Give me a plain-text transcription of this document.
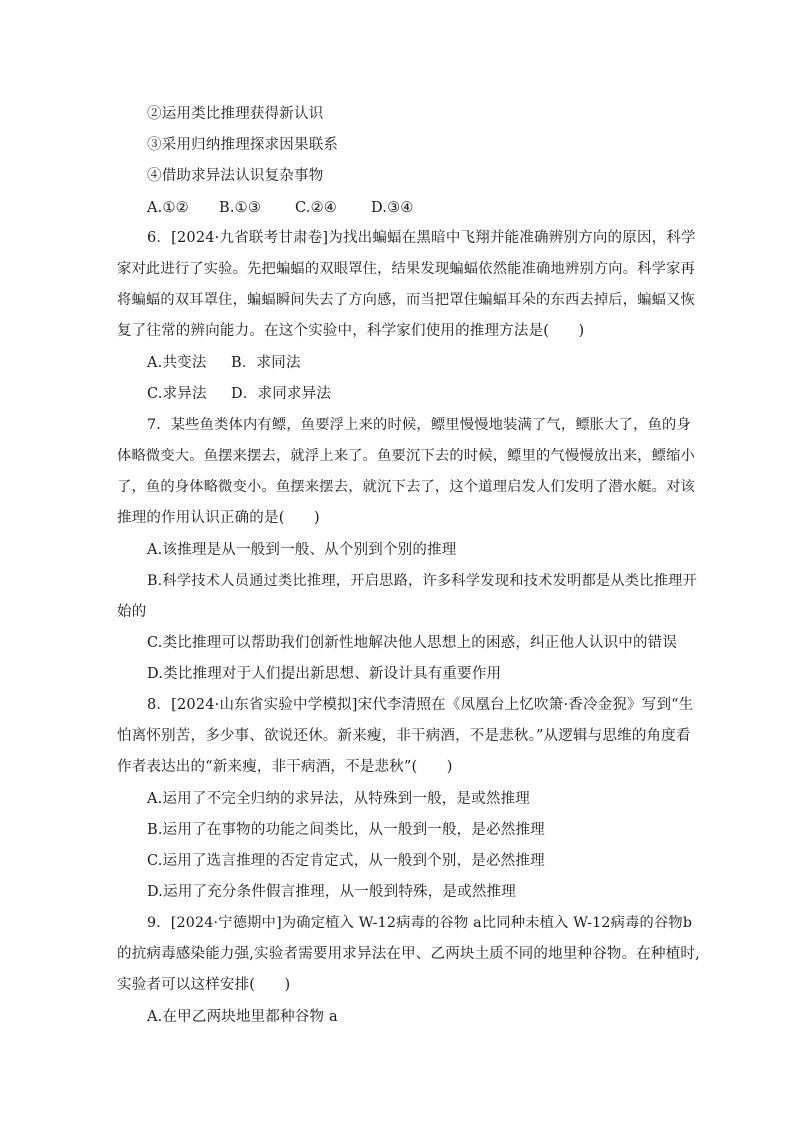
②运用类比推理获得新认识
③采用归纳推理探求因果联系
④借助求异法认识复杂事物
A.①② B.①③ C.②④ D.③④
6．[2024·九省联考甘肃卷]为找出蝙蝠在黑暗中飞翔并能准确辨别方向的原因，科学
家对此进行了实验。先把蝙蝠的双眼罩住，结果发现蝙蝠依然能准确地辨别方向。科学家再
将蝙蝠的双耳罩住，蝙蝠瞬间失去了方向感，而当把罩住蝙蝠耳朵的东西去掉后，蝙蝠又恢
复了往常的辨向能力。在这个实验中，科学家们使用的推理方法是(　　)
A.共变法 B．求同法
C.求异法 D．求同求异法
7．某些鱼类体内有鳔，鱼要浮上来的时候，鳔里慢慢地装满了气，鳔胀大了，鱼的身
体略微变大。鱼摆来摆去，就浮上来了。鱼要沉下去的时候，鳔里的气慢慢放出来，鳔缩小
了，鱼的身体略微变小。鱼摆来摆去，就沉下去了，这个道理启发人们发明了潜水艇。对该
推理的作用认识正确的是(　　)
A.该推理是从一般到一般、从个别到个别的推理
B.科学技术人员通过类比推理，开启思路，许多科学发现和技术发明都是从类比推理开
始的
C.类比推理可以帮助我们创新性地解决他人思想上的困惑，纠正他人认识中的错误
D.类比推理对于人们提出新思想、新设计具有重要作用
8．[2024·山东省实验中学模拟]宋代李清照在《凤凰台上忆吹箫·香冷金猊》写到“生
怕离怀别苦，多少事、欲说还休。新来瘦，非干病酒，不是悲秋。”从逻辑与思维的角度看
作者表达出的“新来瘦，非干病酒，不是悲秋”(　　)
A.运用了不完全归纳的求异法，从特殊到一般，是或然推理
B.运用了在事物的功能之间类比，从一般到一般，是必然推理
C.运用了选言推理的否定肯定式，从一般到个别，是必然推理
D.运用了充分条件假言推理，从一般到特殊，是或然推理
9．[2024·宁德期中]为确定植入 W-12病毒的谷物 a比同种未植入 W-12病毒的谷物b
的抗病毒感染能力强,实验者需要用求异法在甲、乙两块土质不同的地里种谷物。在种植时,
实验者可以这样安排(　　)
A.在甲乙两块地里都种谷物 a
